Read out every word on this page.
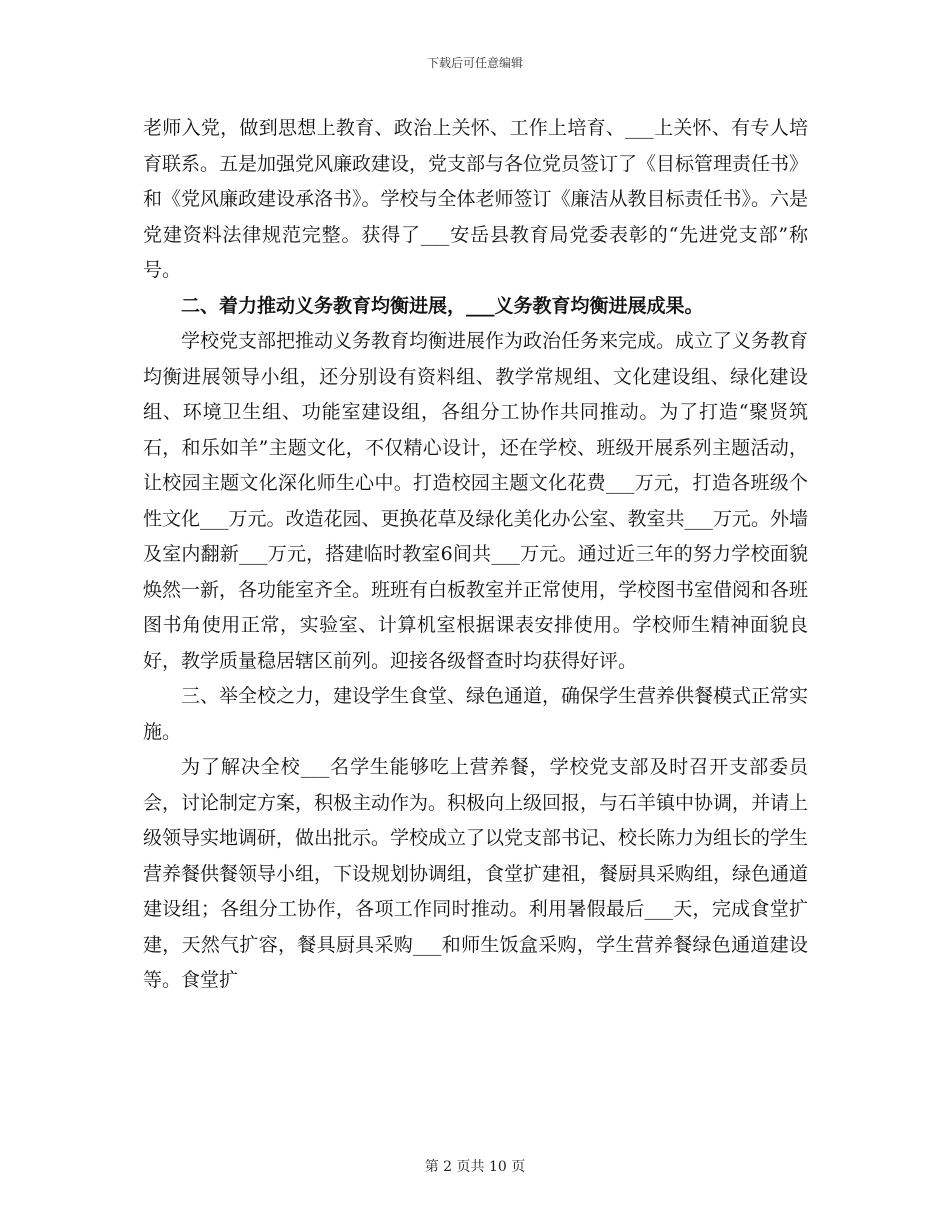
下载后可任意编辑

老师入党，做到思想上教育、政治上关怀、工作上培育、___上关怀、有专人培育联系。五是加强党风廉政建设，党支部与各位党员签订了《目标管理责任书》和《党风廉政建设承洛书》。学校与全体老师签订《廉洁从教目标责任书》。六是党建资料法律规范完整。获得了___安岳县教育局党委表彰的“先进党支部”称号。

二、着力推动义务教育均衡进展，___义务教育均衡进展成果。

学校党支部把推动义务教育均衡进展作为政治任务来完成。成立了义务教育均衡进展领导小组，还分别设有资料组、教学常规组、文化建设组、绿化建设组、环境卫生组、功能室建设组，各组分工协作共同推动。为了打造“聚贤筑石，和乐如羊”主题文化，不仅精心设计，还在学校、班级开展系列主题活动，让校园主题文化深化师生心中。打造校园主题文化花费___万元，打造各班级个性文化___万元。改造花园、更换花草及绿化美化办公室、教室共___万元。外墙及室内翻新___万元，搭建临时教室6间共___万元。通过近三年的努力学校面貌焕然一新，各功能室齐全。班班有白板教室并正常使用，学校图书室借阅和各班图书角使用正常，实验室、计算机室根据课表安排使用。学校师生精神面貌良好，教学质量稳居辖区前列。迎接各级督查时均获得好评。

三、举全校之力，建设学生食堂、绿色通道，确保学生营养供餐模式正常实施。

为了解决全校___名学生能够吃上营养餐，学校党支部及时召开支部委员会，讨论制定方案，积极主动作为。积极向上级回报，与石羊镇中协调，并请上级领导实地调研，做出批示。学校成立了以党支部书记、校长陈力为组长的学生营养餐供餐领导小组，下设规划协调组，食堂扩建祖，餐厨具采购组，绿色通道建设组；各组分工协作，各项工作同时推动。利用暑假最后___天，完成食堂扩建，天然气扩容，餐具厨具采购___和师生饭盒采购，学生营养餐绿色通道建设等。食堂扩

第 2 页共 10 页
